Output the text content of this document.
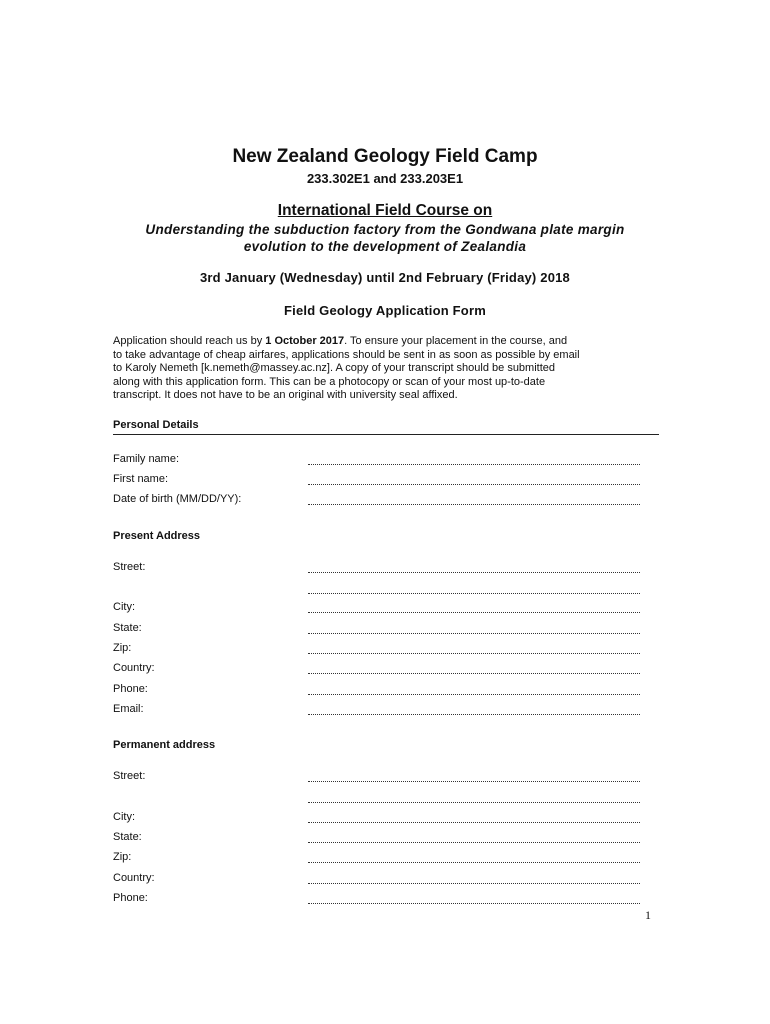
New Zealand Geology Field Camp
233.302E1 and 233.203E1
International Field Course on
Understanding the subduction factory from the Gondwana plate margin
evolution to the development of Zealandia
3rd January (Wednesday) until 2nd February (Friday) 2018
Field Geology Application Form
Application should reach us by 1 October 2017. To ensure your placement in the course, and
to take advantage of cheap airfares, applications should be sent in as soon as possible by email
to Karoly Nemeth [k.nemeth@massey.ac.nz]. A copy of your transcript should be submitted
along with this application form. This can be a photocopy or scan of your most up-to-date
transcript. It does not have to be an original with university seal affixed.
Personal Details
Family name:
First name:
Date of birth (MM/DD/YY):
Present Address
Street:
City:
State:
Zip:
Country:
Phone:
Email:
Permanent address
Street:
City:
State:
Zip:
Country:
Phone:
1
